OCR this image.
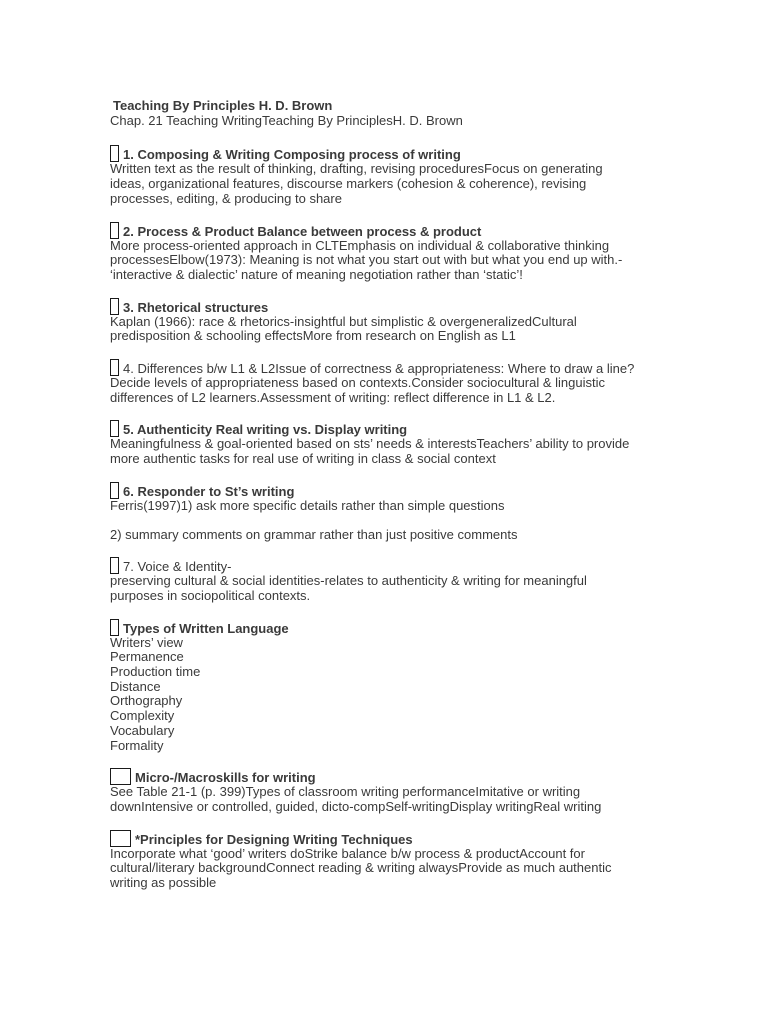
Teaching By Principles H. D. Brown
Chap. 21 Teaching WritingTeaching By PrinciplesH. D. Brown
1. Composing & Writing Composing process of writing
Written text as the result of thinking, drafting, revising proceduresFocus on generating
ideas, organizational features, discourse markers (cohesion & coherence), revising
processes, editing, & producing to share
2. Process & Product Balance between process & product
More process-oriented approach in CLTEmphasis on individual & collaborative thinking
processesElbow(1973): Meaning is not what you start out with but what you end up with.-
‘interactive & dialectic’ nature of meaning negotiation rather than ‘static’!
3. Rhetorical structures
Kaplan (1966): race & rhetorics-insightful but simplistic & overgeneralizedCultural
predisposition & schooling effectsMore from research on English as L1
4. Differences b/w L1 & L2Issue of correctness & appropriateness: Where to draw a line?
Decide levels of appropriateness based on contexts.Consider sociocultural & linguistic
differences of L2 learners.Assessment of writing: reflect difference in L1 & L2.
5. Authenticity Real writing vs. Display writing
Meaningfulness & goal-oriented based on sts’ needs & interestsTeachers’ ability to provide
more authentic tasks for real use of writing in class & social context
6. Responder to St’s writing
Ferris(1997)1) ask more specific details rather than simple questions
2) summary comments on grammar rather than just positive comments
7. Voice & Identity-
preserving cultural & social identities-relates to authenticity & writing for meaningful
purposes in sociopolitical contexts.
Types of Written Language
Writers’ view
Permanence
Production time
Distance
Orthography
Complexity
Vocabulary
Formality
Micro-/Macroskills for writing
See Table 21-1 (p. 399)Types of classroom writing performanceImitative or writing
downIntensive or controlled, guided, dicto-compSelf-writingDisplay writingReal writing
*Principles for Designing Writing Techniques
Incorporate what ‘good’ writers doStrike balance b/w process & productAccount for
cultural/literary backgroundConnect reading & writing alwaysProvide as much authentic
writing as possible
